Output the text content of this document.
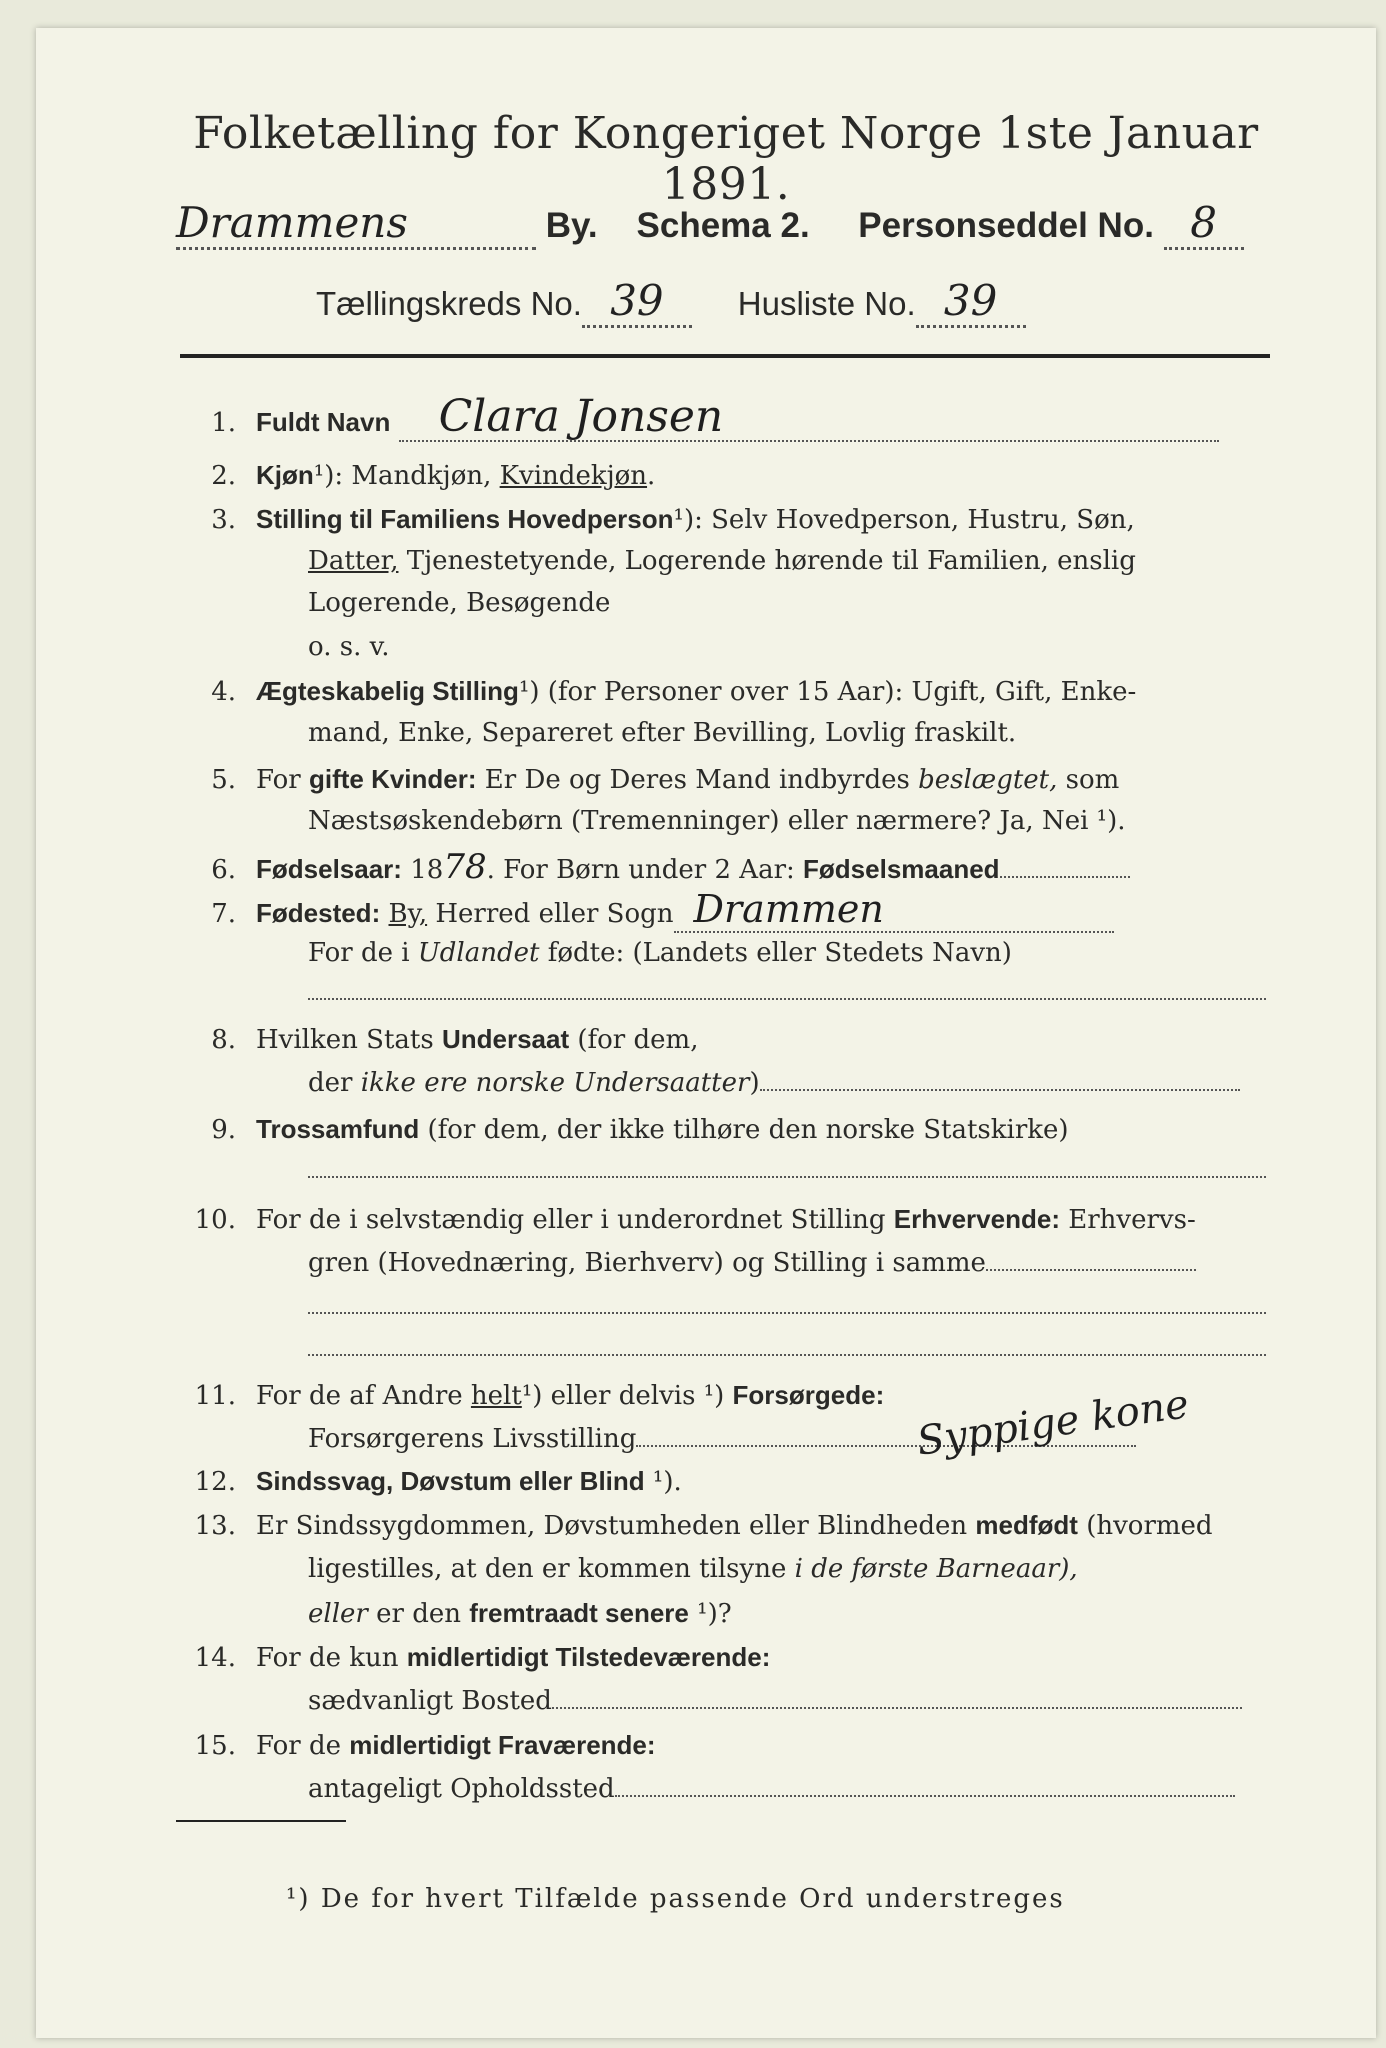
Folketælling for Kongeriget Norge 1ste Januar 1891.
Drammens	By. Schema 2. Personseddel No. 8
Tællingskreds No. 39 Husliste No. 39
1. Fuldt Navn Clara Jonsen
2. Kjøn¹): Mandkjøn, Kvindekjøn.
3. Stilling til Familiens Hovedperson¹): Selv Hovedperson, Hustru, Søn,
Datter, Tjenestetyende, Logerende hørende til Familien, enslig
Logerende, Besøgende
o. s. v.
4. Ægteskabelig Stilling¹) (for Personer over 15 Aar): Ugift, Gift, Enke-
mand, Enke, Separeret efter Bevilling, Lovlig fraskilt.
5. For gifte Kvinder: Er De og Deres Mand indbyrdes beslægtet, som
Næstsøskendebørn (Tremenninger) eller nærmere? Ja, Nei ¹).
6. Fødselsaar: 1878. For Børn under 2 Aar: Fødselsmaaned
7. Fødested: By, Herred eller Sogn Drammen
For de i Udlandet fødte: (Landets eller Stedets Navn)
8. Hvilken Stats Undersaat (for dem,
der ikke ere norske Undersaatter)
9. Trossamfund (for dem, der ikke tilhøre den norske Statskirke)
10. For de i selvstændig eller i underordnet Stilling Erhvervende: Erhvervs-
gren (Hovednæring, Bierhverv) og Stilling i samme
11. For de af Andre helt¹) eller delvis ¹) Forsørgede:
Forsørgerens Livsstilling	Syppige kone
12. Sindssvag, Døvstum eller Blind ¹).
13. Er Sindssygdommen, Døvstumheden eller Blindheden medfødt (hvormed
ligestilles, at den er kommen tilsyne i de første Barneaar),
eller er den fremtraadt senere ¹)?
14. For de kun midlertidigt Tilstedeværende:
sædvanligt Bosted
15. For de midlertidigt Fraværende:
antageligt Opholdssted
¹) De for hvert Tilfælde passende Ord understreges
